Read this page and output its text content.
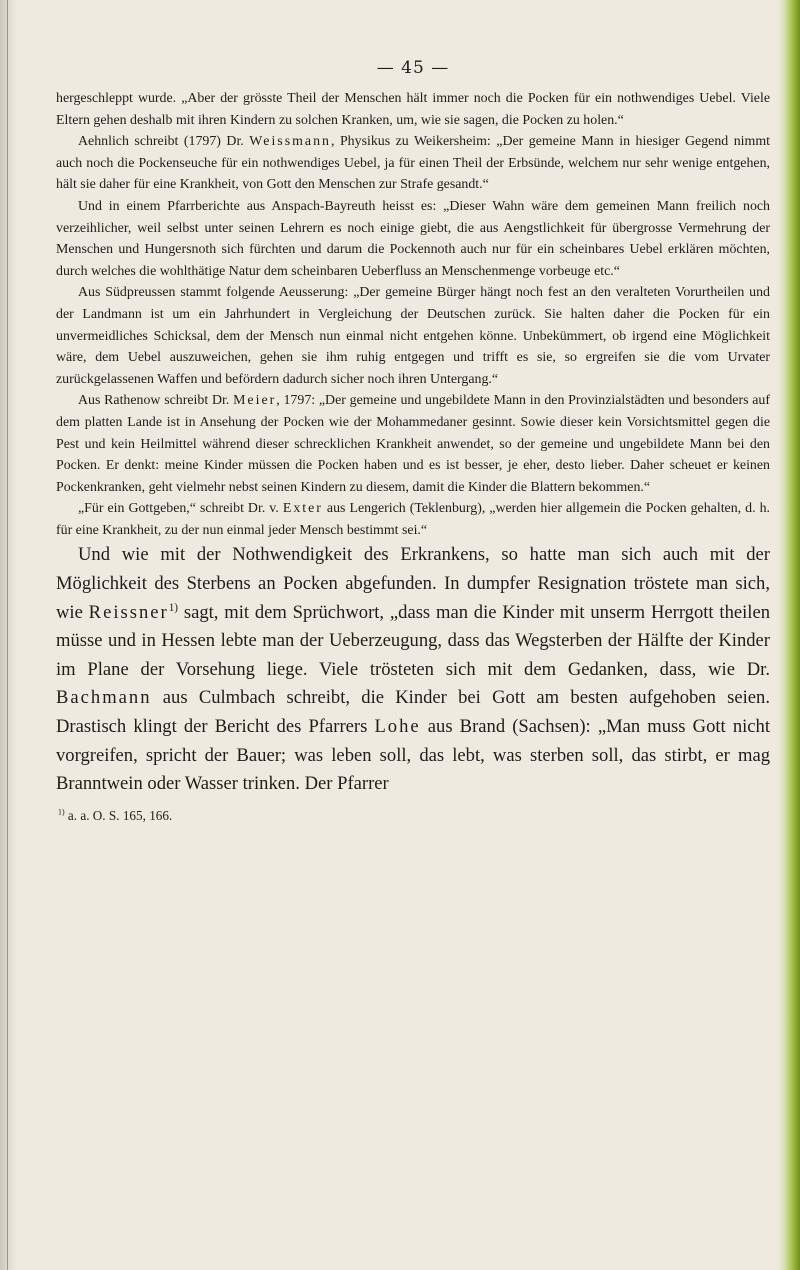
— 45 —

hergeschleppt wurde. „Aber der grösste Theil der Menschen hält immer noch die Pocken für ein nothwendiges Uebel. Viele Eltern gehen deshalb mit ihren Kindern zu solchen Kranken, um, wie sie sagen, die Pocken zu holen.“

Aehnlich schreibt (1797) Dr. Weissmann, Physikus zu Weikersheim: „Der gemeine Mann in hiesiger Gegend nimmt auch noch die Pockenseuche für ein nothwendiges Uebel, ja für einen Theil der Erbsünde, welchem nur sehr wenige entgehen, hält sie daher für eine Krankheit, von Gott den Menschen zur Strafe gesandt.“

Und in einem Pfarrberichte aus Anspach-Bayreuth heisst es: „Dieser Wahn wäre dem gemeinen Mann freilich noch verzeihlicher, weil selbst unter seinen Lehrern es noch einige giebt, die aus Aengstlichkeit für übergrosse Vermehrung der Menschen und Hungersnoth sich fürchten und darum die Pockennoth auch nur für ein scheinbares Uebel erklären möchten, durch welches die wohlthätige Natur dem scheinbaren Ueberfluss an Menschenmenge vorbeuge etc.“

Aus Südpreussen stammt folgende Aeusserung: „Der gemeine Bürger hängt noch fest an den veralteten Vorurtheilen und der Landmann ist um ein Jahrhundert in Vergleichung der Deutschen zurück. Sie halten daher die Pocken für ein unvermeidliches Schicksal, dem der Mensch nun einmal nicht entgehen könne. Unbekümmert, ob irgend eine Möglichkeit wäre, dem Uebel auszuweichen, gehen sie ihm ruhig entgegen und trifft es sie, so ergreifen sie die vom Urvater zurückgelassenen Waffen und befördern dadurch sicher noch ihren Untergang.“

Aus Rathenow schreibt Dr. Meier, 1797: „Der gemeine und ungebildete Mann in den Provinzialstädten und besonders auf dem platten Lande ist in Ansehung der Pocken wie der Mohammedaner gesinnt. Sowie dieser kein Vorsichtsmittel gegen die Pest und kein Heilmittel während dieser schrecklichen Krankheit anwendet, so der gemeine und ungebildete Mann bei den Pocken. Er denkt: meine Kinder müssen die Pocken haben und es ist besser, je eher, desto lieber. Daher scheuet er keinen Pockenkranken, geht vielmehr nebst seinen Kindern zu diesem, damit die Kinder die Blattern bekommen.“

„Für ein Gottgeben,“ schreibt Dr. v. Exter aus Lengerich (Teklenburg), „werden hier allgemein die Pocken gehalten, d. h. für eine Krankheit, zu der nun einmal jeder Mensch bestimmt sei.“

Und wie mit der Nothwendigkeit des Erkrankens, so hatte man sich auch mit der Möglichkeit des Sterbens an Pocken abgefunden. In dumpfer Resignation tröstete man sich, wie Reissner$^{1)}$ sagt, mit dem Sprüchwort, „dass man die Kinder mit unserm Herrgott theilen müsse und in Hessen lebte man der Ueberzeugung, dass das Wegsterben der Hälfte der Kinder im Plane der Vorsehung liege. Viele trösteten sich mit dem Gedanken, dass, wie Dr. Bachmann aus Culmbach schreibt, die Kinder bei Gott am besten aufgehoben seien. Drastisch klingt der Bericht des Pfarrers Lohe aus Brand (Sachsen): „Man muss Gott nicht vorgreifen, spricht der Bauer; was leben soll, das lebt, was sterben soll, das stirbt, er mag Branntwein oder Wasser trinken. Der Pfarrer

$^{1)}$ a. a. O. S. 165, 166.
